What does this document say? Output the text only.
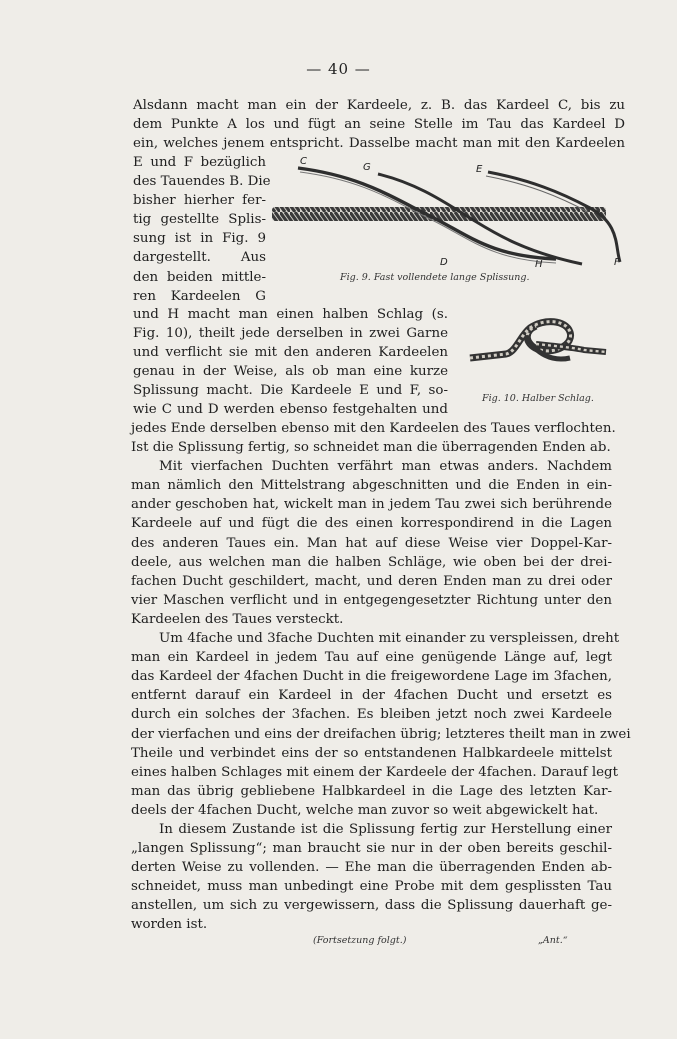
— 40 —
Alsdann macht man ein der Kardeele, z. B. das Kardeel C, bis zu
dem Punkte A los und fügt an seine Stelle im Tau das Kardeel D
ein, welches jenem entspricht. Dasselbe macht man mit den Kardeelen
E und F bezüglich
des Tauendes B. Die
bisher hierher fer-
tig gestellte Splis-
sung ist in Fig. 9
dargestellt. Aus
den beiden mittle-
ren Kardeelen G
C
G	E
D	H	F
Fig. 9. Fast vollendete lange Splissung.
und H macht man einen halben Schlag (s.
Fig. 10), theilt jede derselben in zwei Garne
und verflicht sie mit den anderen Kardeelen
genau in der Weise, als ob man eine kurze
Splissung macht. Die Kardeele E und F, so-
wie C und D werden ebenso festgehalten und
Fig. 10. Halber Schlag.
jedes Ende derselben ebenso mit den Kardeelen des Taues verflochten.
Ist die Splissung fertig, so schneidet man die überragenden Enden ab.
Mit vierfachen Duchten verfährt man etwas anders. Nachdem
man nämlich den Mittelstrang abgeschnitten und die Enden in ein-
ander geschoben hat, wickelt man in jedem Tau zwei sich berührende
Kardeele auf und fügt die des einen korrespondirend in die Lagen
des anderen Taues ein. Man hat auf diese Weise vier Doppel-Kar-
deele, aus welchen man die halben Schläge, wie oben bei der drei-
fachen Ducht geschildert, macht, und deren Enden man zu drei oder
vier Maschen verflicht und in entgegengesetzter Richtung unter den
Kardeelen des Taues versteckt.
Um 4fache und 3fache Duchten mit einander zu verspleissen, dreht
man ein Kardeel in jedem Tau auf eine genügende Länge auf, legt
das Kardeel der 4fachen Ducht in die freigewordene Lage im 3fachen,
entfernt darauf ein Kardeel in der 4fachen Ducht und ersetzt es
durch ein solches der 3fachen. Es bleiben jetzt noch zwei Kardeele
der vierfachen und eins der dreifachen übrig; letzteres theilt man in zwei
Theile und verbindet eins der so entstandenen Halbkardeele mittelst
eines halben Schlages mit einem der Kardeele der 4fachen. Darauf legt
man das übrig gebliebene Halbkardeel in die Lage des letzten Kar-
deels der 4fachen Ducht, welche man zuvor so weit abgewickelt hat.
In diesem Zustande ist die Splissung fertig zur Herstellung einer
„langen Splissung“; man braucht sie nur in der oben bereits geschil-
derten Weise zu vollenden. — Ehe man die überragenden Enden ab-
schneidet, muss man unbedingt eine Probe mit dem gesplissten Tau
anstellen, um sich zu vergewissern, dass die Splissung dauerhaft ge-
worden ist.
(Fortsetzung folgt.)	„Ant.“
